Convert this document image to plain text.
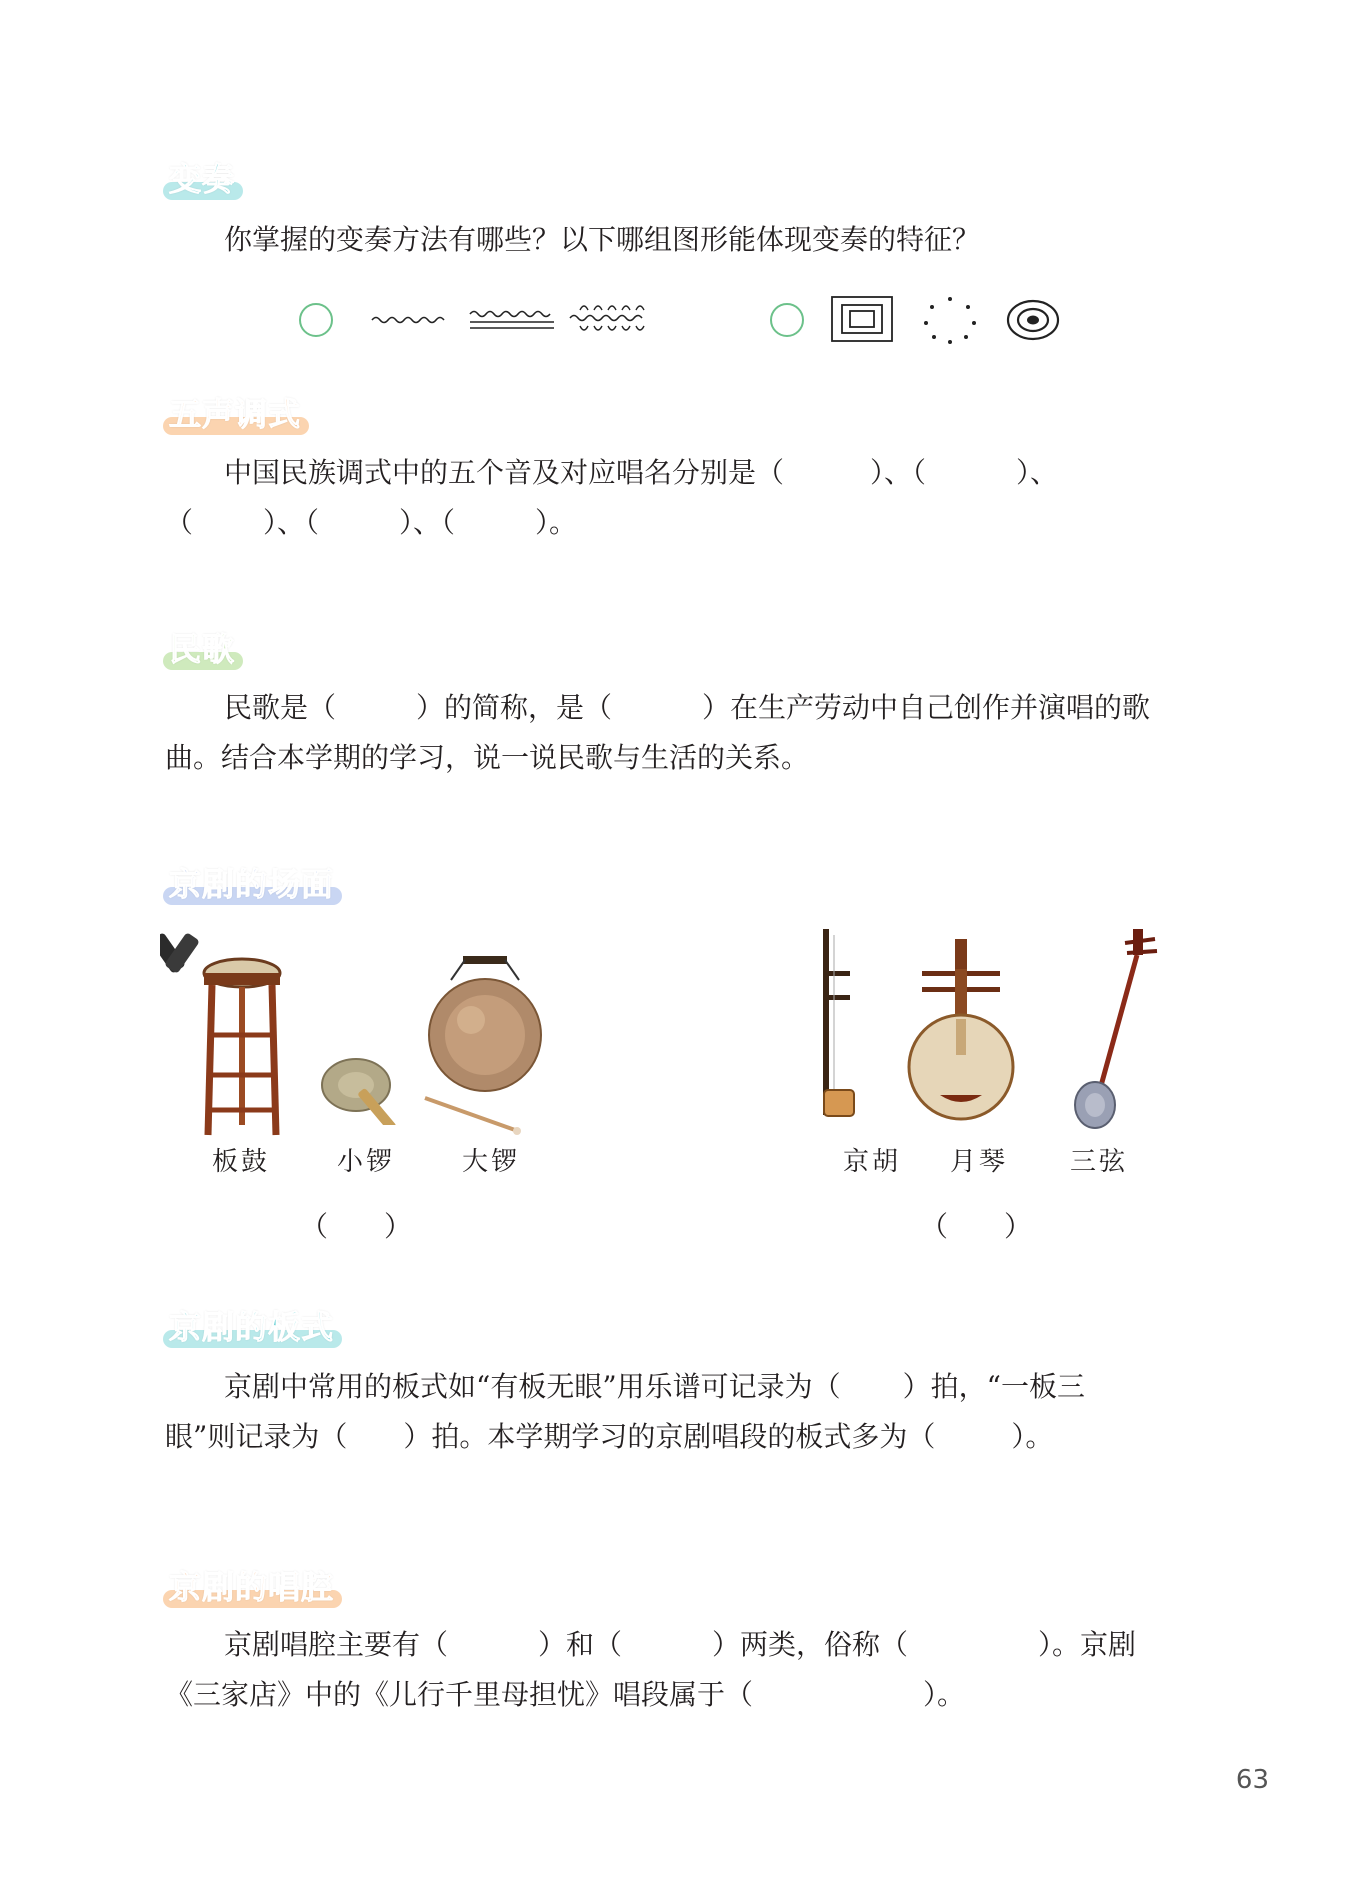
变奏
你掌握的变奏方法有哪些？以下哪组图形能体现变奏的特征？
五声调式
中国民族调式中的五个音及对应唱名分别是（	）、（	）、
（	）、（	）、（	）。
民歌
民歌是（	）的简称，是（	）在生产劳动中自己创作并演唱的歌
曲。结合本学期的学习，说一说民歌与生活的关系。
京剧的场面
板鼓	小锣	大锣	京胡 月琴 三弦
（　　）	（　　）
京剧的板式
京剧中常用的板式如“有板无眼”用乐谱可记录为（ ）拍，“一板三
眼”则记录为（ ）拍。本学期学习的京剧唱段的板式多为（	）。
京剧的唱腔
京剧唱腔主要有（	）和（	）两类，俗称（	）。京剧
《三家店》中的《儿行千里母担忧》唱段属于（	）。
63
